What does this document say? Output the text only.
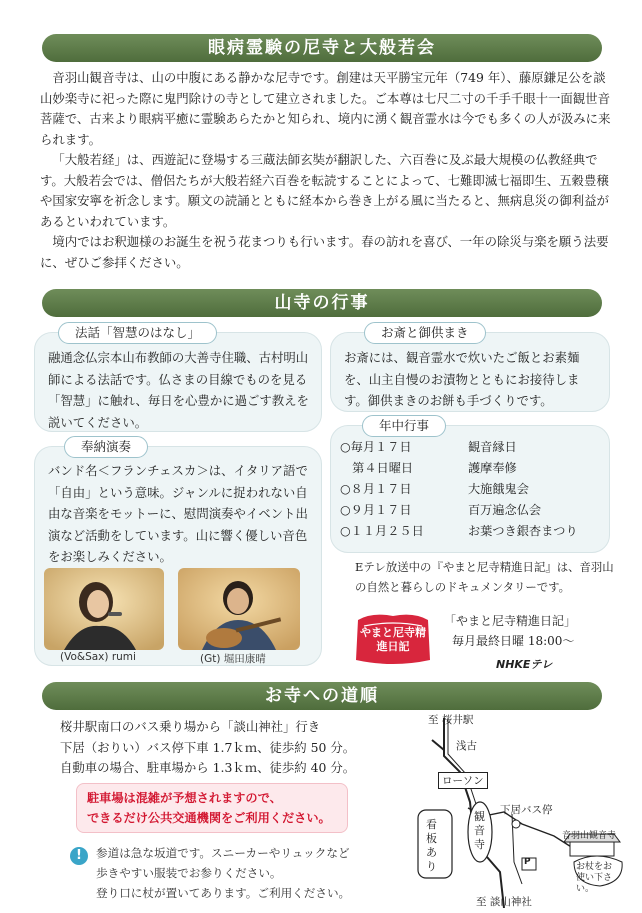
眼病霊験の尼寺と大般若会

音羽山観音寺は、山の中腹にある静かな尼寺です。創建は天平勝宝元年（749 年）、藤原鎌足公を談山妙楽寺に祀った際に鬼門除けの寺として建立されました。ご本尊は七尺二寸の千手千眼十一面観世音菩薩で、古来より眼病平癒に霊験あらたかと知られ、境内に湧く観音霊水は今でも多くの人が汲みに来られます。

「大般若経」は、西遊記に登場する三蔵法師玄奘が翻訳した、六百巻に及ぶ最大規模の仏教経典です。大般若会では、僧侶たちが大般若経六百巻を転読することによって、七難即滅七福即生、五穀豊穣や国家安寧を祈念します。願文の読誦とともに経本から巻き上がる風に当たると、無病息災の御利益があるといわれています。

境内ではお釈迦様のお誕生を祝う花まつりも行います。春の訪れを喜び、一年の除災与楽を願う法要に、ぜひご参拝ください。

山寺の行事
法話「智慧のはなし」
融通念仏宗本山布教師の大善寺住職、古村明山師による法話です。仏さまの目線でものを見る「智慧」に触れ、毎日を心豊かに過ごす教えを説いてください。
奉納演奏
バンド名＜フランチェスカ＞は、イタリア語で「自由」という意味。ジャンルに捉われない自由な音楽をモットーに、慰問演奏やイベント出演など活動をしています。山に響く優しい音色をお楽しみください。
(Vo&Sax) rumi	(Gt) 堀田康晴
お斎と御供まき
お斎には、観音霊水で炊いたご飯とお素麺を、山主自慢のお漬物とともにお接待します。御供まきのお餅も手づくりです。
年中行事
○毎月１７日	観音縁日
　第４日曜日	護摩奉修
○８月１７日	大施餓鬼会
○９月１７日	百万遍念仏会
○１１月２５日	お葉つき銀杏まつり
Eテレ放送中の『やまと尼寺精進日記』は、音羽山の自然と暮らしのドキュメンタリーです。
やまと尼寺精進日記
「やまと尼寺精進日記」
毎月最終日曜 18:00〜
NHKEテレ
お寺への道順
桜井駅南口のバス乗り場から「談山神社」行き
下居（おりい）バス停下車 1.7ｋｍ、徒歩約 50 分。
自動車の場合、駐車場から 1.3ｋｍ、徒歩約 40 分。
駐車場は混雑が予想されますので、
できるだけ公共交通機関をご利用ください。
!	参道は急な坂道です。スニーカーやリュックなど
歩きやすい服装でお参りください。
登り口に杖が置いてあります。ご利用ください。
至 桜井駅
浅古
ローソン
下居バス停
看板あり
観音寺
音羽山観音寺
P	お杖をお使い下さい。
至 談山神社
